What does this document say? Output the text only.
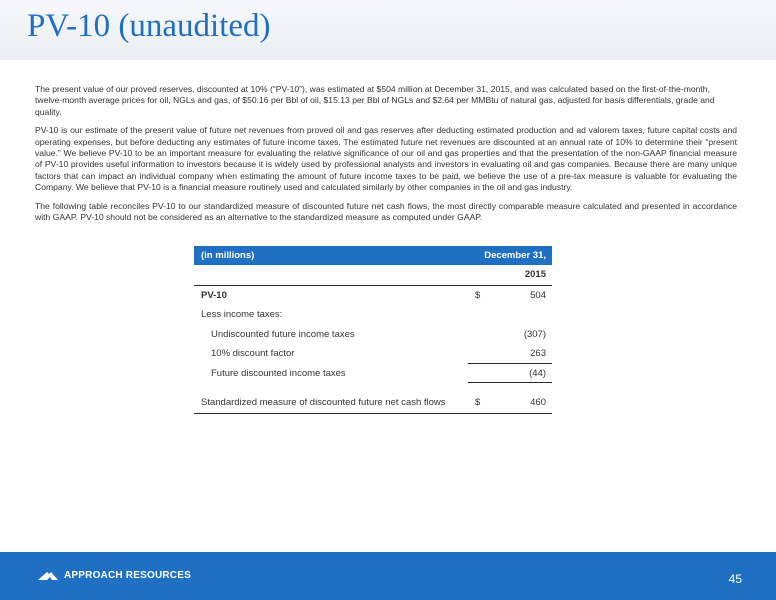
PV-10 (unaudited)

The present value of our proved reserves, discounted at 10% (“PV-10”), was estimated at $504 million at December 31, 2015, and was calculated based on the first-of-the-month, twelve-month average prices for oil, NGLs and gas, of $50.16 per Bbl of oil, $15.13 per Bbl of NGLs and $2.64 per MMBtu of natural gas, adjusted for basis differentials, grade and quality.

PV-10 is our estimate of the present value of future net revenues from proved oil and gas reserves after deducting estimated production and ad valorem taxes, future capital costs and operating expenses, but before deducting any estimates of future income taxes. The estimated future net revenues are discounted at an annual rate of 10% to determine their “present value.” We believe PV-10 to be an important measure for evaluating the relative significance of our oil and gas properties and that the presentation of the non-GAAP financial measure of PV-10 provides useful information to investors because it is widely used by professional analysts and investors in evaluating oil and gas companies. Because there are many unique factors that can impact an individual company when estimating the amount of future income taxes to be paid, we believe the use of a pre-tax measure is valuable for evaluating the Company. We believe that PV-10 is a financial measure routinely used and calculated similarly by other companies in the oil and gas industry.

The following table reconciles PV-10 to our standardized measure of discounted future net cash flows, the most directly comparable measure calculated and presented in accordance with GAAP. PV-10 should not be considered as an alternative to the standardized measure as computed under GAAP.

(in millions)	December 31,
2015
PV-10	$	504
Less income taxes:
Undiscounted future income taxes	(307)
10% discount factor	263
Future discounted income taxes	(44)
Standardized measure of discounted future net cash flows	$	460
APPROACH RESOURCES	45
